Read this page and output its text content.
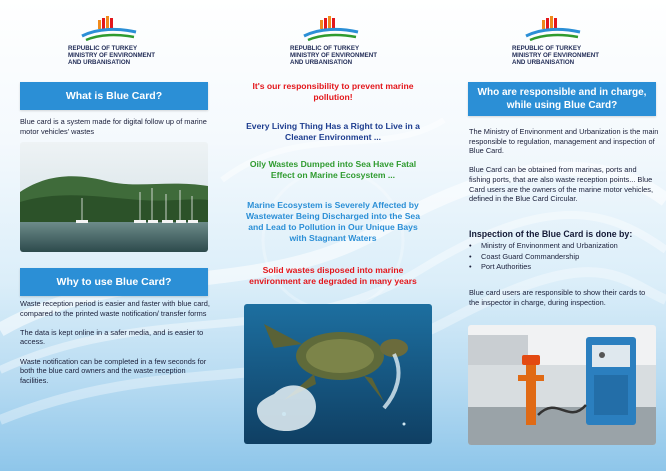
REPUBLIC OF TURKEY
MINISTRY OF ENVIRONMENT
AND URBANISATION
What is Blue Card?
Blue card is a system made for digital follow up of marine motor vehicles' wastes
Why to use Blue Card?

Waste reception period is easier and faster with blue card, compared to the printed waste notification/ transfer forms

The data is kept online in a safer media, and is easier to access.

Waste notification can be completed in a few seconds for both the blue card owners and the waste reception facilities.

REPUBLIC OF TURKEY
MINISTRY OF ENVIRONMENT
AND URBANISATION
It's our responsibility to prevent marine pollution!
Every Living Thing Has a Right to Live in a Cleaner Environment ...
Oily Wastes Dumped into Sea Have Fatal Effect on Marine Ecosystem ...
Marine Ecosystem is Severely Affected by Wastewater Being Discharged into the Sea and Lead to Pollution in Our Unique Bays with Stagnant Waters
Solid wastes disposed into marine environment are degraded in many years
REPUBLIC OF TURKEY
MINISTRY OF ENVIRONMENT
AND URBANISATION
Who are responsible and in charge, while using Blue Card?

The Ministry of Envinonment and Urbanization is the main responsible to regulation, management and inspection of Blue Card.

Blue Card can be obtained from marinas, ports and fishing ports, that are also waste reception points... Blue Card users are the owners of the marine motor vehicles, defined in the Blue Card Circular.

Inspection of the Blue Card is done by:
• Ministry of Envinonment and Urbanization
• Coast Guard Commandership
• Port Authorities
Blue card users are responsible to show their cards to the inspector in charge, during inspection.
